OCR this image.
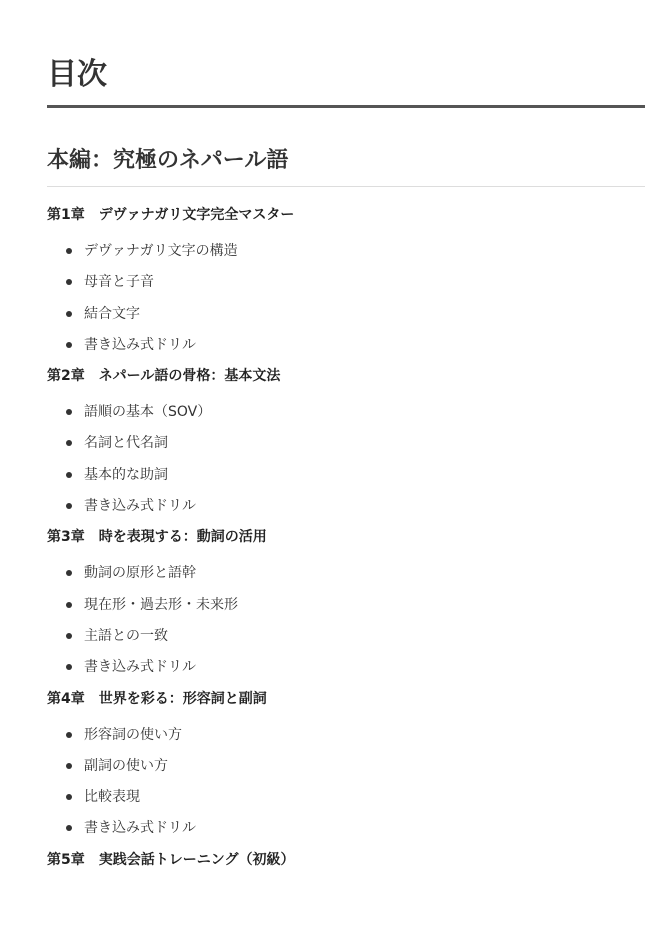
目次
本編：究極のネパール語
第1章　デヴァナガリ文字完全マスター
デヴァナガリ文字の構造
母音と子音
結合文字
書き込み式ドリル
第2章　ネパール語の骨格：基本文法
語順の基本（SOV）
名詞と代名詞
基本的な助詞
書き込み式ドリル
第3章　時を表現する：動詞の活用
動詞の原形と語幹
現在形・過去形・未来形
主語との一致
書き込み式ドリル
第4章　世界を彩る：形容詞と副詞
形容詞の使い方
副詞の使い方
比較表現
書き込み式ドリル
第5章　実践会話トレーニング（初級）
